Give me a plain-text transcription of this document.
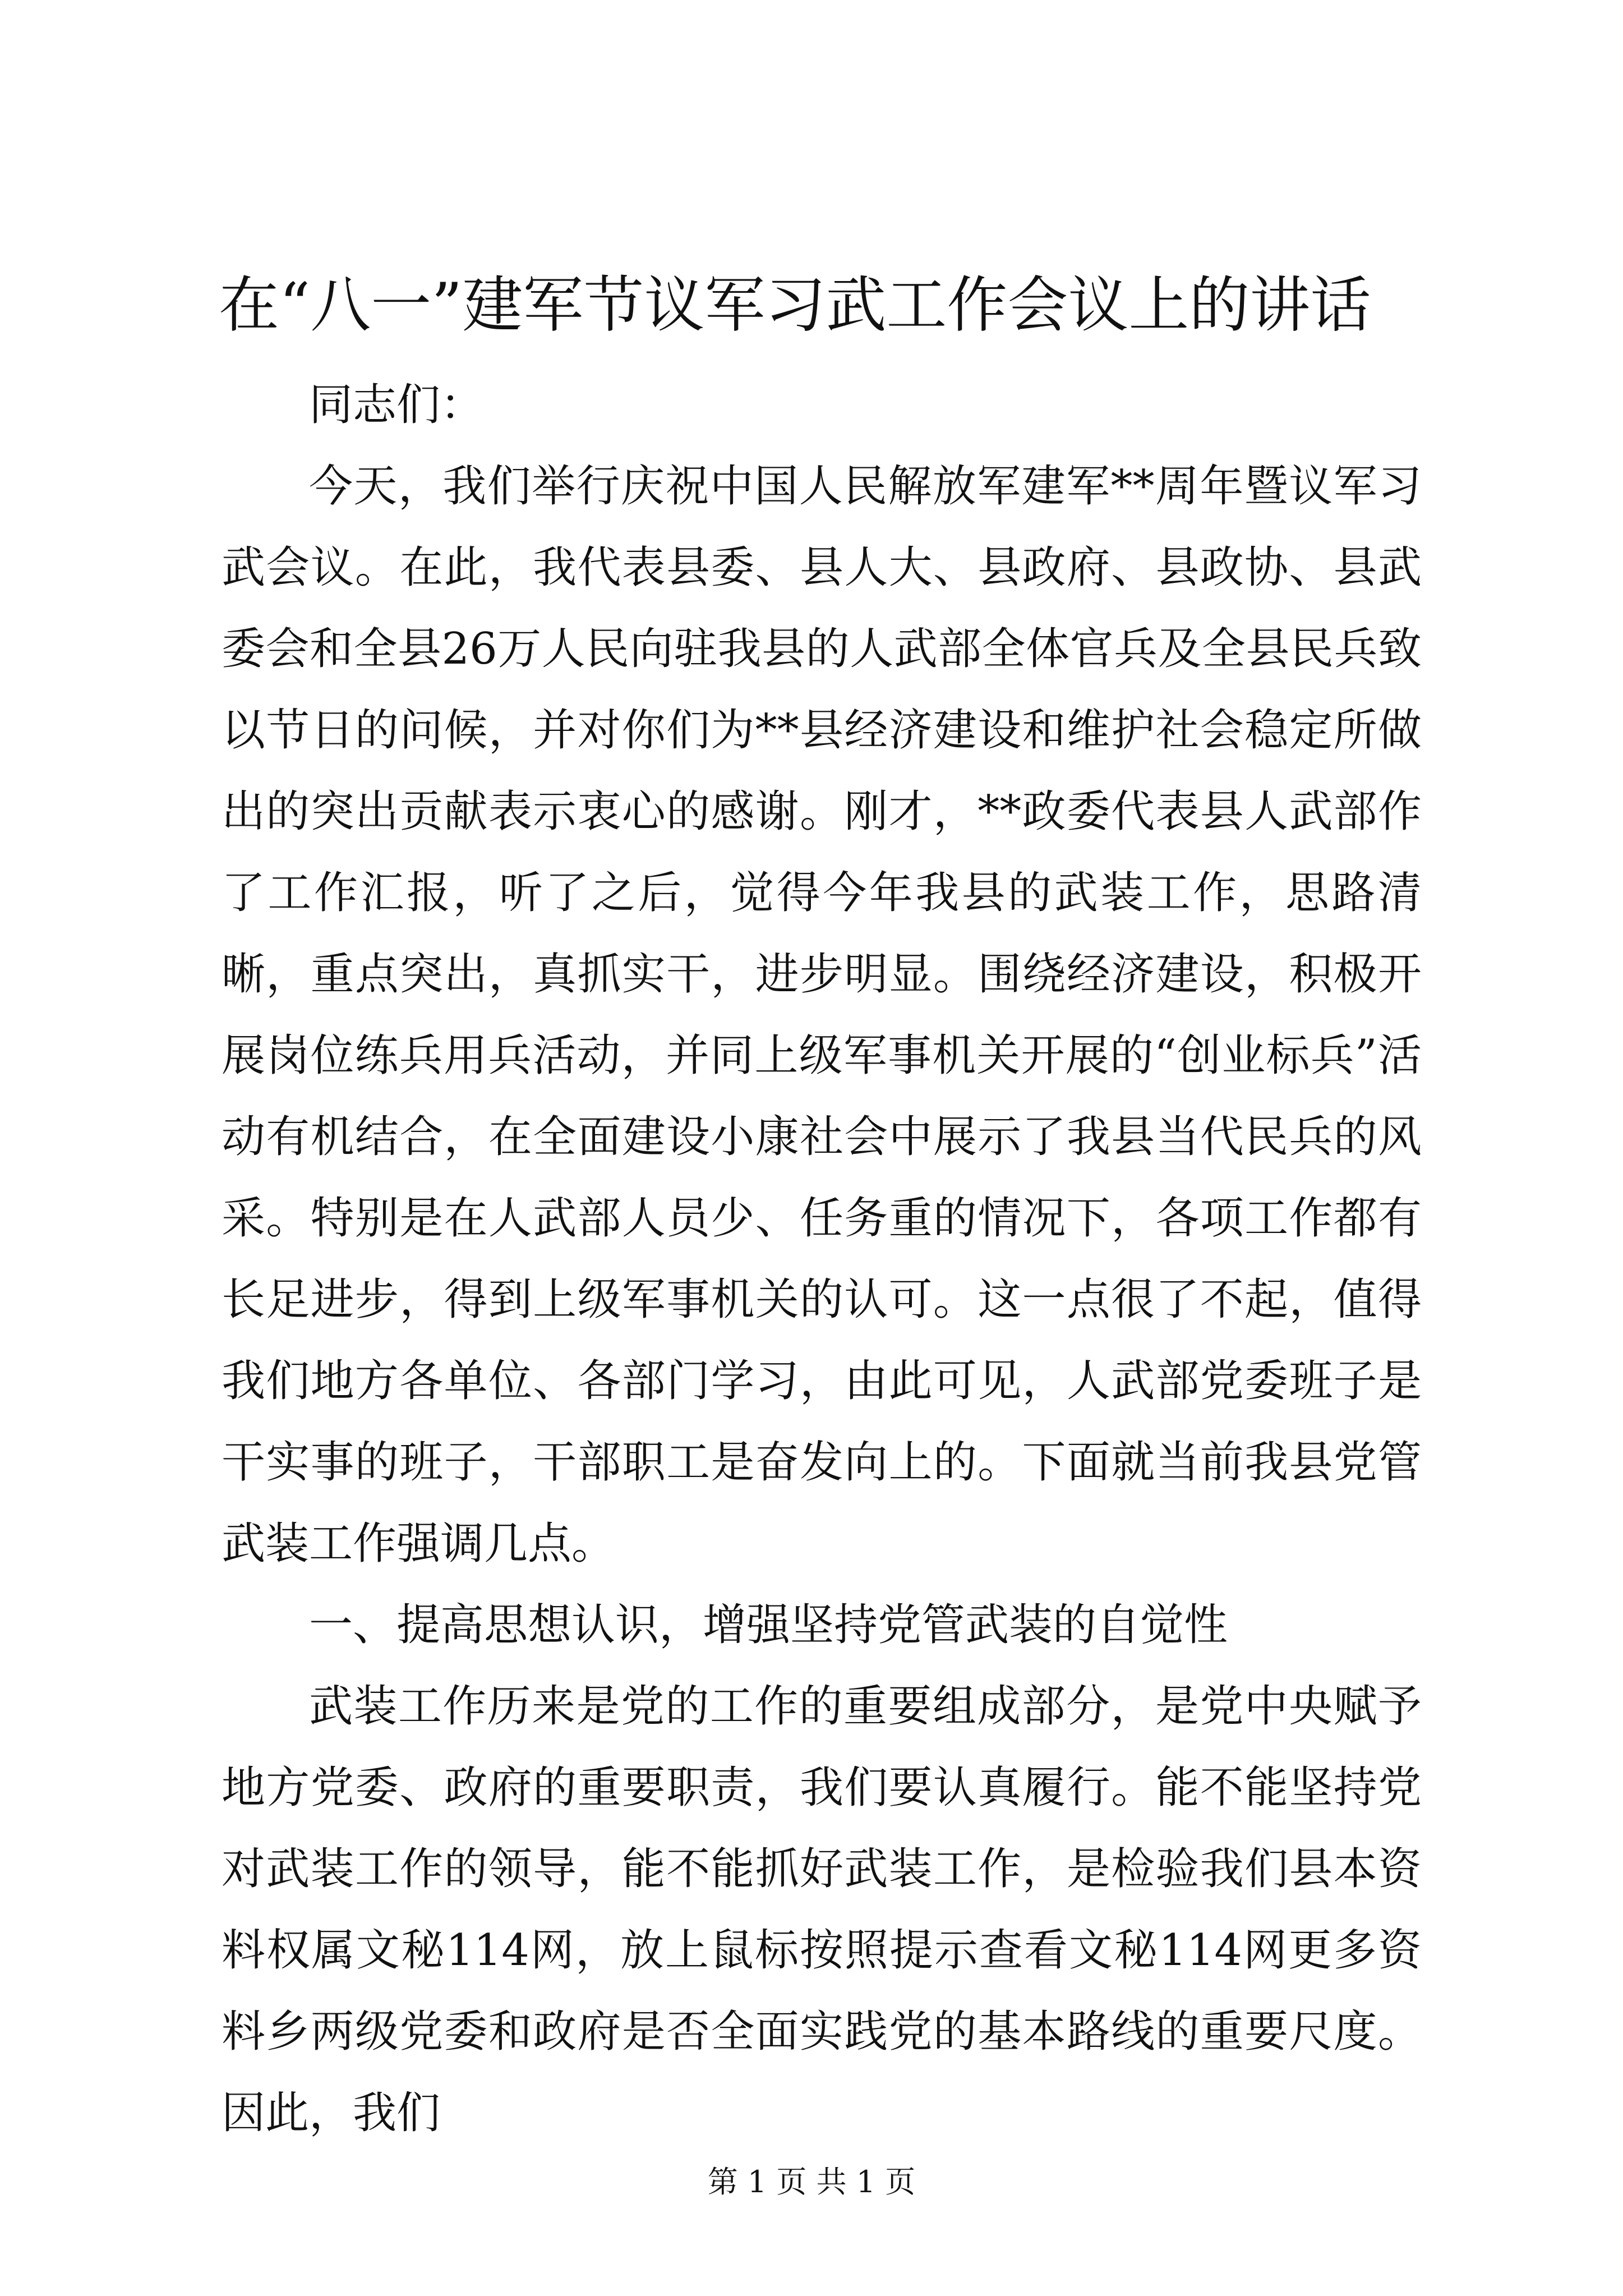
在“八一”建军节议军习武工作会议上的讲话

同志们：

今天，我们举行庆祝中国人民解放军建军**周年暨议军习武会议。在此，我代表县委、县人大、县政府、县政协、县武委会和全县26万人民向驻我县的人武部全体官兵及全县民兵致以节日的问候，并对你们为**县经济建设和维护社会稳定所做出的突出贡献表示衷心的感谢。刚才，**政委代表县人武部作了工作汇报，听了之后，觉得今年我县的武装工作，思路清晰，重点突出，真抓实干，进步明显。围绕经济建设，积极开展岗位练兵用兵活动，并同上级军事机关开展的“创业标兵”活动有机结合，在全面建设小康社会中展示了我县当代民兵的风采。特别是在人武部人员少、任务重的情况下，各项工作都有长足进步，得到上级军事机关的认可。这一点很了不起，值得我们地方各单位、各部门学习，由此可见，人武部党委班子是干实事的班子，干部职工是奋发向上的。下面就当前我县党管武装工作强调几点。

一、提高思想认识，增强坚持党管武装的自觉性

武装工作历来是党的工作的重要组成部分，是党中央赋予地方党委、政府的重要职责，我们要认真履行。能不能坚持党对武装工作的领导，能不能抓好武装工作，是检验我们县本资料权属文秘114网，放上鼠标按照提示查看文秘114网更多资料乡两级党委和政府是否全面实践党的基本路线的重要尺度。因此，我们

第 1 页 共 1 页
